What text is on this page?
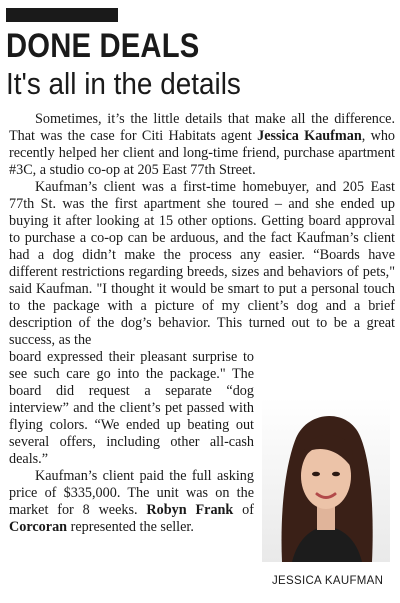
DONE DEALS
It's all in the details

Sometimes, it’s the little details that make all the difference. That was the case for Citi Habitats agent Jessica Kaufman, who recently helped her client and long-time friend, purchase apartment #3C, a studio co-op at 205 East 77th Street.

Kaufman’s client was a first-time homebuyer, and 205 East 77th St. was the first apartment she toured – and she ended up buying it after looking at 15 other options. Getting board approval to purchase a co-op can be arduous, and the fact Kaufman’s client had a dog didn’t make the process any easier. “Boards have different restrictions regarding breeds, sizes and behaviors of pets," said Kaufman. "I thought it would be smart to put a personal touch to the package with a picture of my client’s dog and a brief description of the dog’s behavior. This turned out to be a great success, as the

board expressed their pleasant surprise to see such care go into the package." The board did request a separate “dog interview” and the client’s pet passed with flying colors. “We ended up beating out several offers, including other all-cash deals.”

Kaufman’s client paid the full asking price of $335,000. The unit was on the market for 8 weeks. Robyn Frank of Corcoran represented the seller.

JESSICA KAUFMAN
